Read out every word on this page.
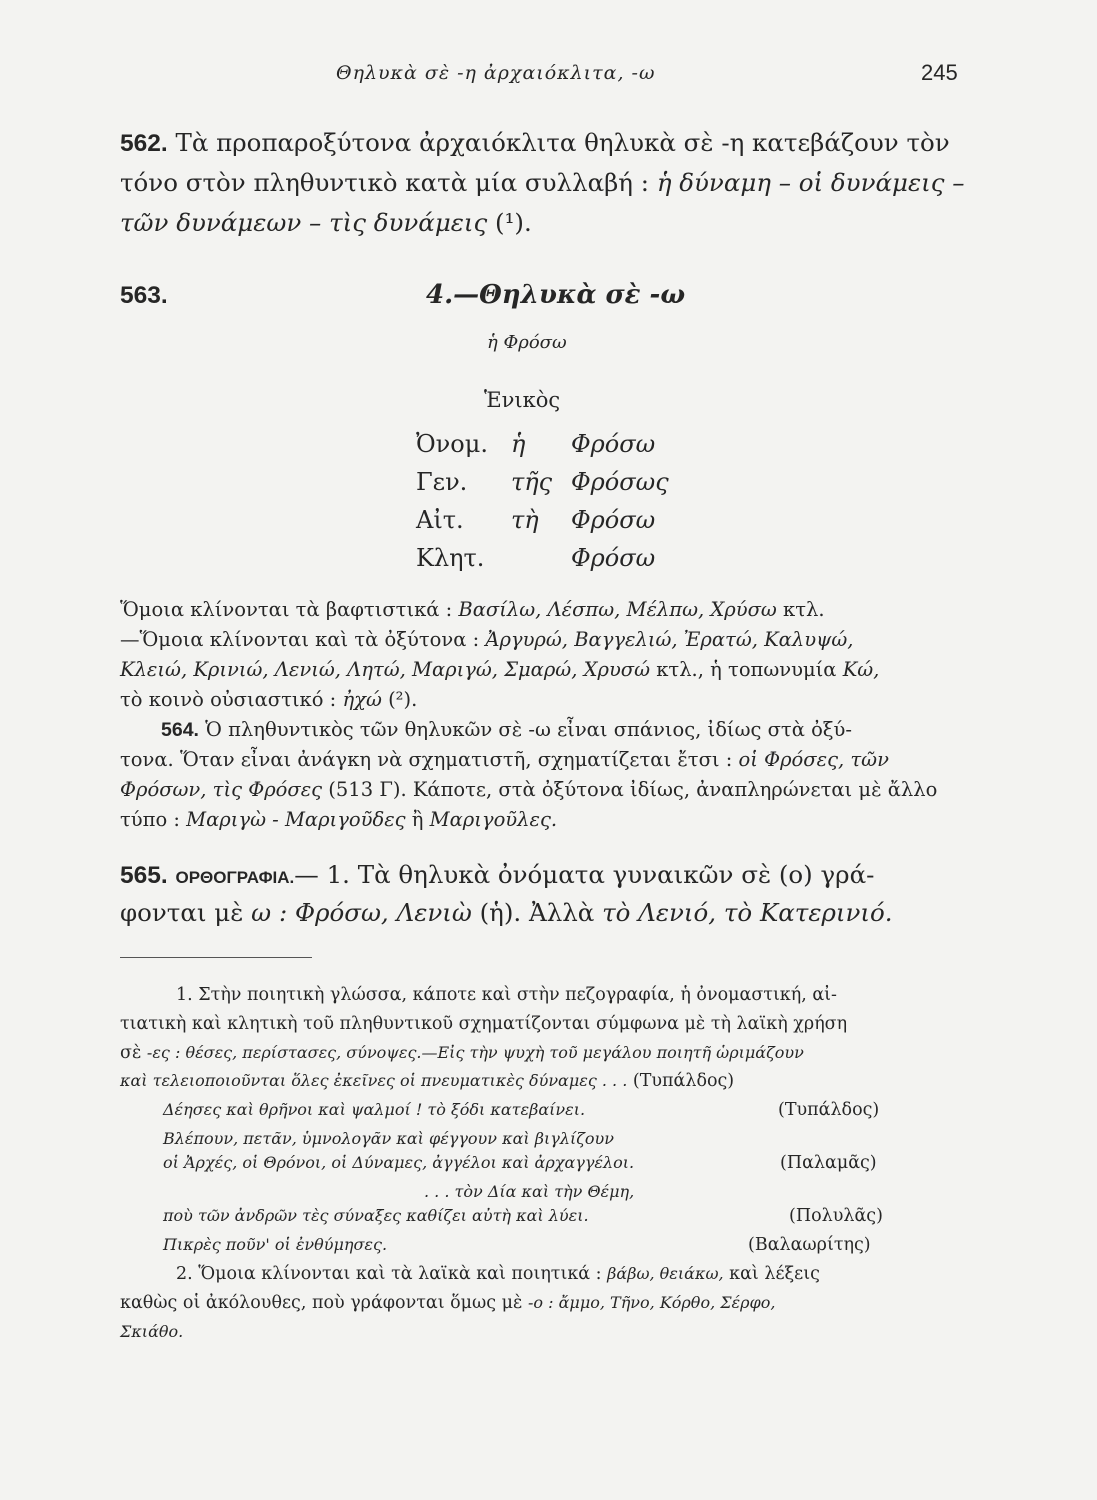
Θηλυκὰ σὲ -η ἀρχαιόκλιτα, -ω	245
562. Τὰ προπαροξύτονα ἀρχαιόκλιτα θηλυκὰ σὲ -η κατεβάζουν τὸν
τόνο στὸν πληθυντικὸ κατὰ μία συλλαβή : ἡ δύναμη – οἱ δυνάμεις –
τῶν δυνάμεων – τὶς δυνάμεις (¹).
563.	4.—Θηλυκὰ σὲ -ω
ἡ Φρόσω
Ἑνικὸς
Ὀνομ. ἡ Φρόσω
Γεν. τῆς Φρόσως
Αἰτ. τὴ Φρόσω
Κλητ.	Φρόσω
Ὅμοια κλίνονται τὰ βαφτιστικά : Βασίλω, Λέσπω, Μέλπω, Χρύσω κτλ.
—Ὅμοια κλίνονται καὶ τὰ ὀξύτονα : Ἀργυρώ, Βαγγελιώ, Ἐρατώ, Καλυψώ,
Κλειώ, Κρινιώ, Λενιώ, Λητώ, Μαριγώ, Σμαρώ, Χρυσώ κτλ., ἡ τοπωνυμία Κώ,
τὸ κοινὸ οὐσιαστικό : ἠχώ (²).
564. Ὁ πληθυντικὸς τῶν θηλυκῶν σὲ -ω εἶναι σπάνιος, ἰδίως στὰ ὀξύ-
τονα. Ὅταν εἶναι ἀνάγκη νὰ σχηματιστῆ, σχηματίζεται ἔτσι : οἱ Φρόσες, τῶν
Φρόσων, τὶς Φρόσες (513 Γ). Κάποτε, στὰ ὀξύτονα ἰδίως, ἀναπληρώνεται μὲ ἄλλο
τύπο : Μαριγὼ - Μαριγοῦδες ἢ Μαριγοῦλες.
565. ΟΡΘΟΓΡΑΦΙΑ.— 1. Τὰ θηλυκὰ ὀνόματα γυναικῶν σὲ (ο) γρά-
φονται μὲ ω : Φρόσω, Λενιὼ (ἡ). Ἀλλὰ τὸ Λενιό, τὸ Κατερινιό.
1. Στὴν ποιητικὴ γλώσσα, κάποτε καὶ στὴν πεζογραφία, ἡ ὀνομαστική, αἰ-
τιατικὴ καὶ κλητικὴ τοῦ πληθυντικοῦ σχηματίζονται σύμφωνα μὲ τὴ λαϊκὴ χρήση
σὲ -ες : θέσες, περίστασες, σύνοψες.—Εἰς τὴν ψυχὴ τοῦ μεγάλου ποιητῆ ὡριμάζουν
καὶ τελειοποιοῦνται ὅλες ἐκεῖνες οἱ πνευματικὲς δύναμες . . . (Τυπάλδος)
Δέησες καὶ θρῆνοι καὶ ψαλμοί ! τὸ ξόδι κατεβαίνει.	(Τυπάλδος)
Βλέπουν, πετᾶν, ὑμνολογᾶν καὶ φέγγουν καὶ βιγλίζουν
οἱ Ἀρχές, οἱ Θρόνοι, οἱ Δύναμες, ἀγγέλοι καὶ ἀρχαγγέλοι.	(Παλαμᾶς)
. . . τὸν Δία καὶ τὴν Θέμη,
ποὺ τῶν ἀνδρῶν τὲς σύναξες καθίζει αὐτὴ καὶ λύει.	(Πολυλᾶς)
Πικρὲς ποῦν' οἱ ἐνθύμησες.	(Βαλαωρίτης)
2. Ὅμοια κλίνονται καὶ τὰ λαϊκὰ καὶ ποιητικά : βάβω, θειάκω, καὶ λέξεις
καθὼς οἱ ἀκόλουθες, ποὺ γράφονται ὅμως μὲ -ο : ἄμμο, Τῆνο, Κόρθο, Σέρφο,
Σκιάθο.
